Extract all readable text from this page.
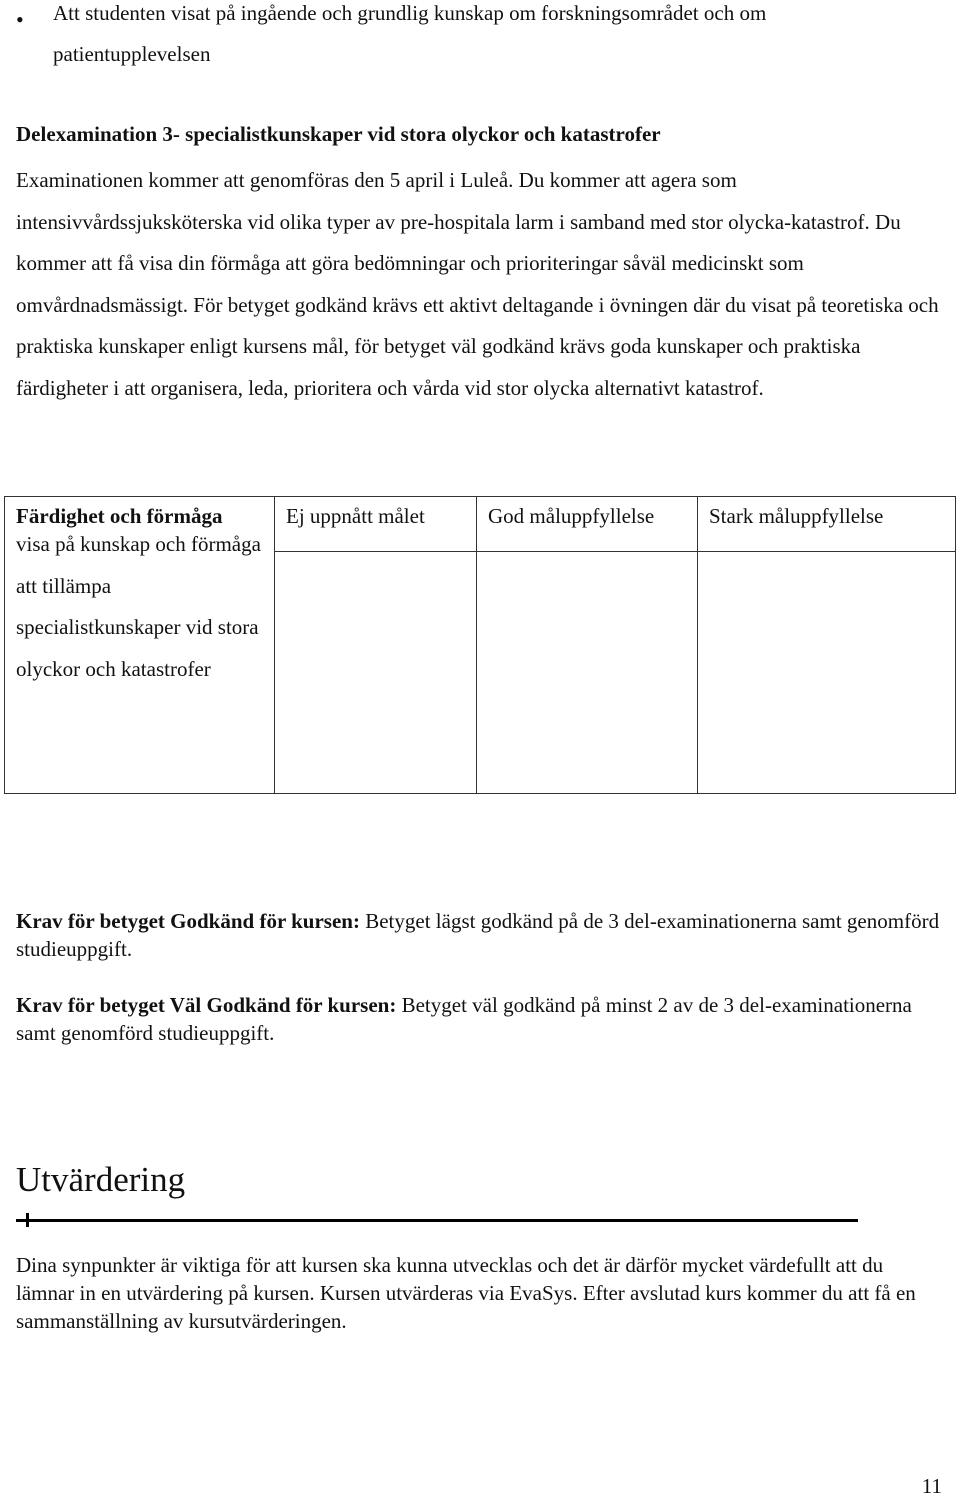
• Att studenten visat på ingående och grundlig kunskap om forskningsområdet och om patientupplevelsen
Delexamination 3- specialistkunskaper vid stora olyckor och katastrofer
Examinationen kommer att genomföras den 5 april i Luleå. Du kommer att agera som intensivvårdssjuksköterska vid olika typer av pre-hospitala larm i samband med stor olycka-katastrof. Du kommer att få visa din förmåga att göra bedömningar och prioriteringar såväl medicinskt som omvårdnadsmässigt. För betyget godkänd krävs ett aktivt deltagande i övningen där du visat på teoretiska och praktiska kunskaper enligt kursens mål, för betyget väl godkänd krävs goda kunskaper och praktiska färdigheter i att organisera, leda, prioritera och vårda vid stor olycka alternativt katastrof.
Färdighet och förmåga
visa på kunskap och förmåga att tillämpa specialistkunskaper vid stora olyckor och katastrofer
Ej uppnått målet	God måluppfyllelse	Stark måluppfyllelse
Krav för betyget Godkänd för kursen: Betyget lägst godkänd på de 3 del-examinationerna samt genomförd studieuppgift.
Krav för betyget Väl Godkänd för kursen: Betyget väl godkänd på minst 2 av de 3 del-examinationerna samt genomförd studieuppgift.
Utvärdering
Dina synpunkter är viktiga för att kursen ska kunna utvecklas och det är därför mycket värdefullt att du lämnar in en utvärdering på kursen. Kursen utvärderas via EvaSys. Efter avslutad kurs kommer du att få en sammanställning av kursutvärderingen.
11
